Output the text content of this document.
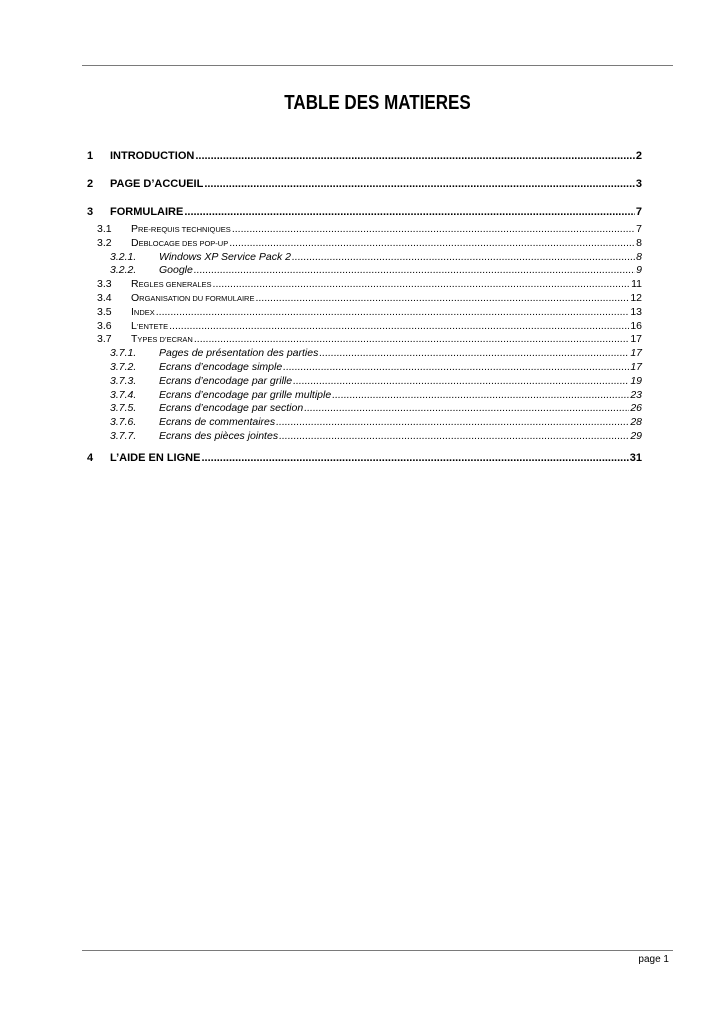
TABLE DES MATIERES
1	INTRODUCTION .....	2
2	PAGE D’ACCUEIL .....	3
3	FORMULAIRE .....	7
3.1	PRE-REQUIS TECHNIQUES .....	7
3.2	DEBLOCAGE DES POP-UP .....	8
3.2.1.	Windows XP Service Pack 2 .....	8
3.2.2.	Google .....	9
3.3	REGLES GENERALES .....	11
3.4	ORGANISATION DU FORMULAIRE .....	12
3.5	INDEX .....	13
3.6	L’ENTETE .....	16
3.7	TYPES D’ECRAN .....	17
3.7.1.	Pages de présentation des parties .....	17
3.7.2.	Ecrans d’encodage simple .....	17
3.7.3.	Ecrans d’encodage par grille .....	19
3.7.4.	Ecrans d’encodage par grille multiple .....	23
3.7.5.	Ecrans d’encodage par section .....	26
3.7.6.	Ecrans de commentaires .....	28
3.7.7.	Ecrans des pièces jointes .....	29
4	L’AIDE EN LIGNE .....	31
page 1
